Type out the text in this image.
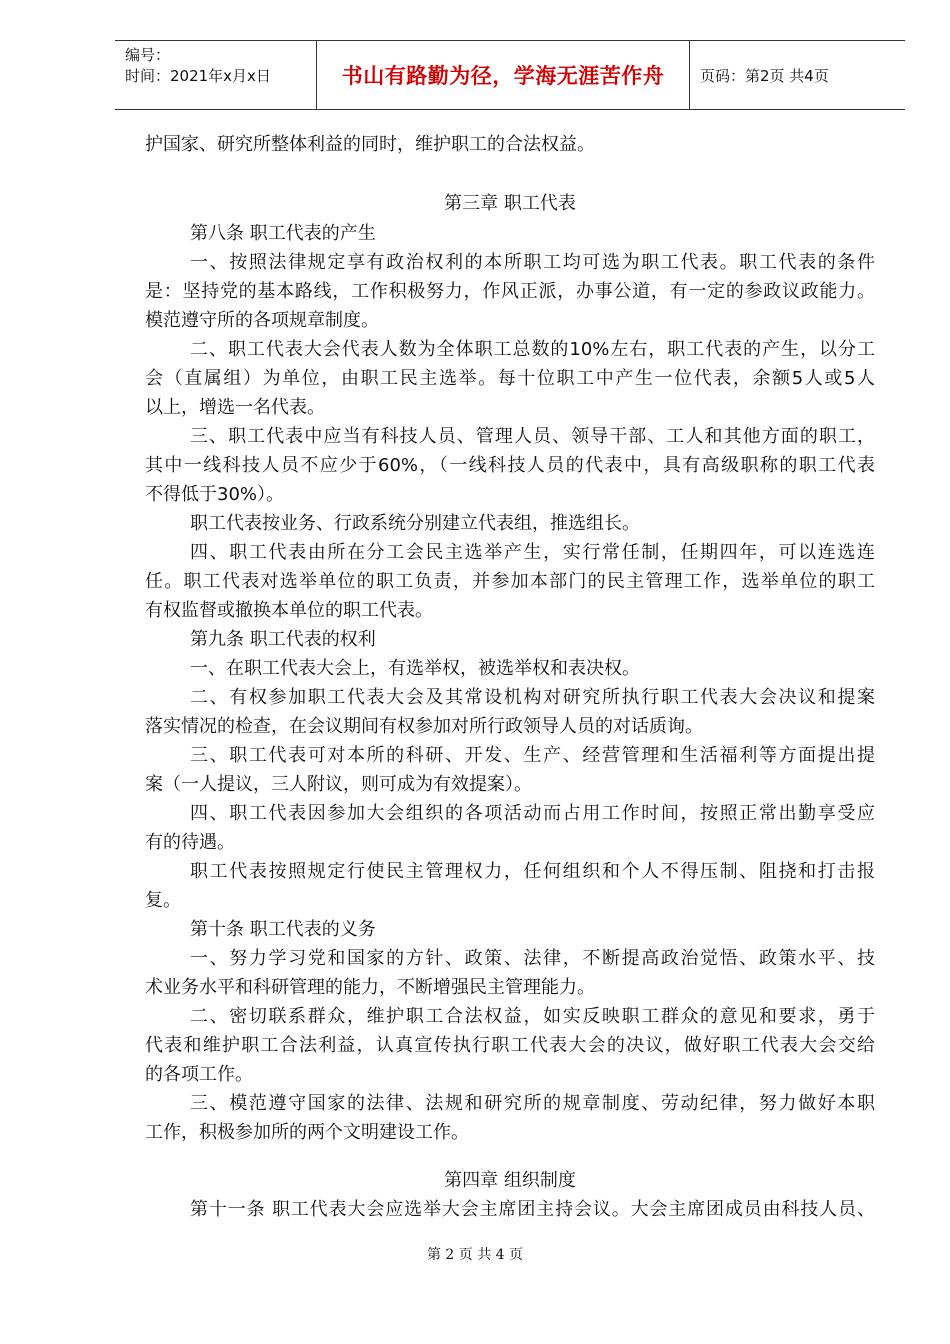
编号：
时间：2021年x月x日	书山有路勤为径，学海无涯苦作舟	页码：第2页 共4页
护国家、研究所整体利益的同时，维护职工的合法权益。
第三章 职工代表
第八条 职工代表的产生
一、按照法律规定享有政治权利的本所职工均可选为职工代表。职工代表的条件
是：坚持党的基本路线，工作积极努力，作风正派，办事公道，有一定的参政议政能力。
模范遵守所的各项规章制度。
二、职工代表大会代表人数为全体职工总数的10%左右，职工代表的产生，以分工
会（直属组）为单位，由职工民主选举。每十位职工中产生一位代表，余额5人或5人
以上，增选一名代表。
三、职工代表中应当有科技人员、管理人员、领导干部、工人和其他方面的职工，
其中一线科技人员不应少于60%，（一线科技人员的代表中，具有高级职称的职工代表
不得低于30%）。
职工代表按业务、行政系统分别建立代表组，推选组长。
四、职工代表由所在分工会民主选举产生，实行常任制，任期四年，可以连选连
任。职工代表对选举单位的职工负责，并参加本部门的民主管理工作，选举单位的职工
有权监督或撤换本单位的职工代表。
第九条 职工代表的权利
一、在职工代表大会上，有选举权，被选举权和表决权。
二、有权参加职工代表大会及其常设机构对研究所执行职工代表大会决议和提案
落实情况的检查，在会议期间有权参加对所行政领导人员的对话质询。
三、职工代表可对本所的科研、开发、生产、经营管理和生活福利等方面提出提
案（一人提议，三人附议，则可成为有效提案）。
四、职工代表因参加大会组织的各项活动而占用工作时间，按照正常出勤享受应
有的待遇。
职工代表按照规定行使民主管理权力，任何组织和个人不得压制、阻挠和打击报
复。
第十条 职工代表的义务
一、努力学习党和国家的方针、政策、法律，不断提高政治觉悟、政策水平、技
术业务水平和科研管理的能力，不断增强民主管理能力。
二、密切联系群众，维护职工合法权益，如实反映职工群众的意见和要求，勇于
代表和维护职工合法利益，认真宣传执行职工代表大会的决议，做好职工代表大会交给
的各项工作。
三、模范遵守国家的法律、法规和研究所的规章制度、劳动纪律，努力做好本职
工作，积极参加所的两个文明建设工作。
第四章 组织制度
第十一条 职工代表大会应选举大会主席团主持会议。大会主席团成员由科技人员、
第 2 页 共 4 页
